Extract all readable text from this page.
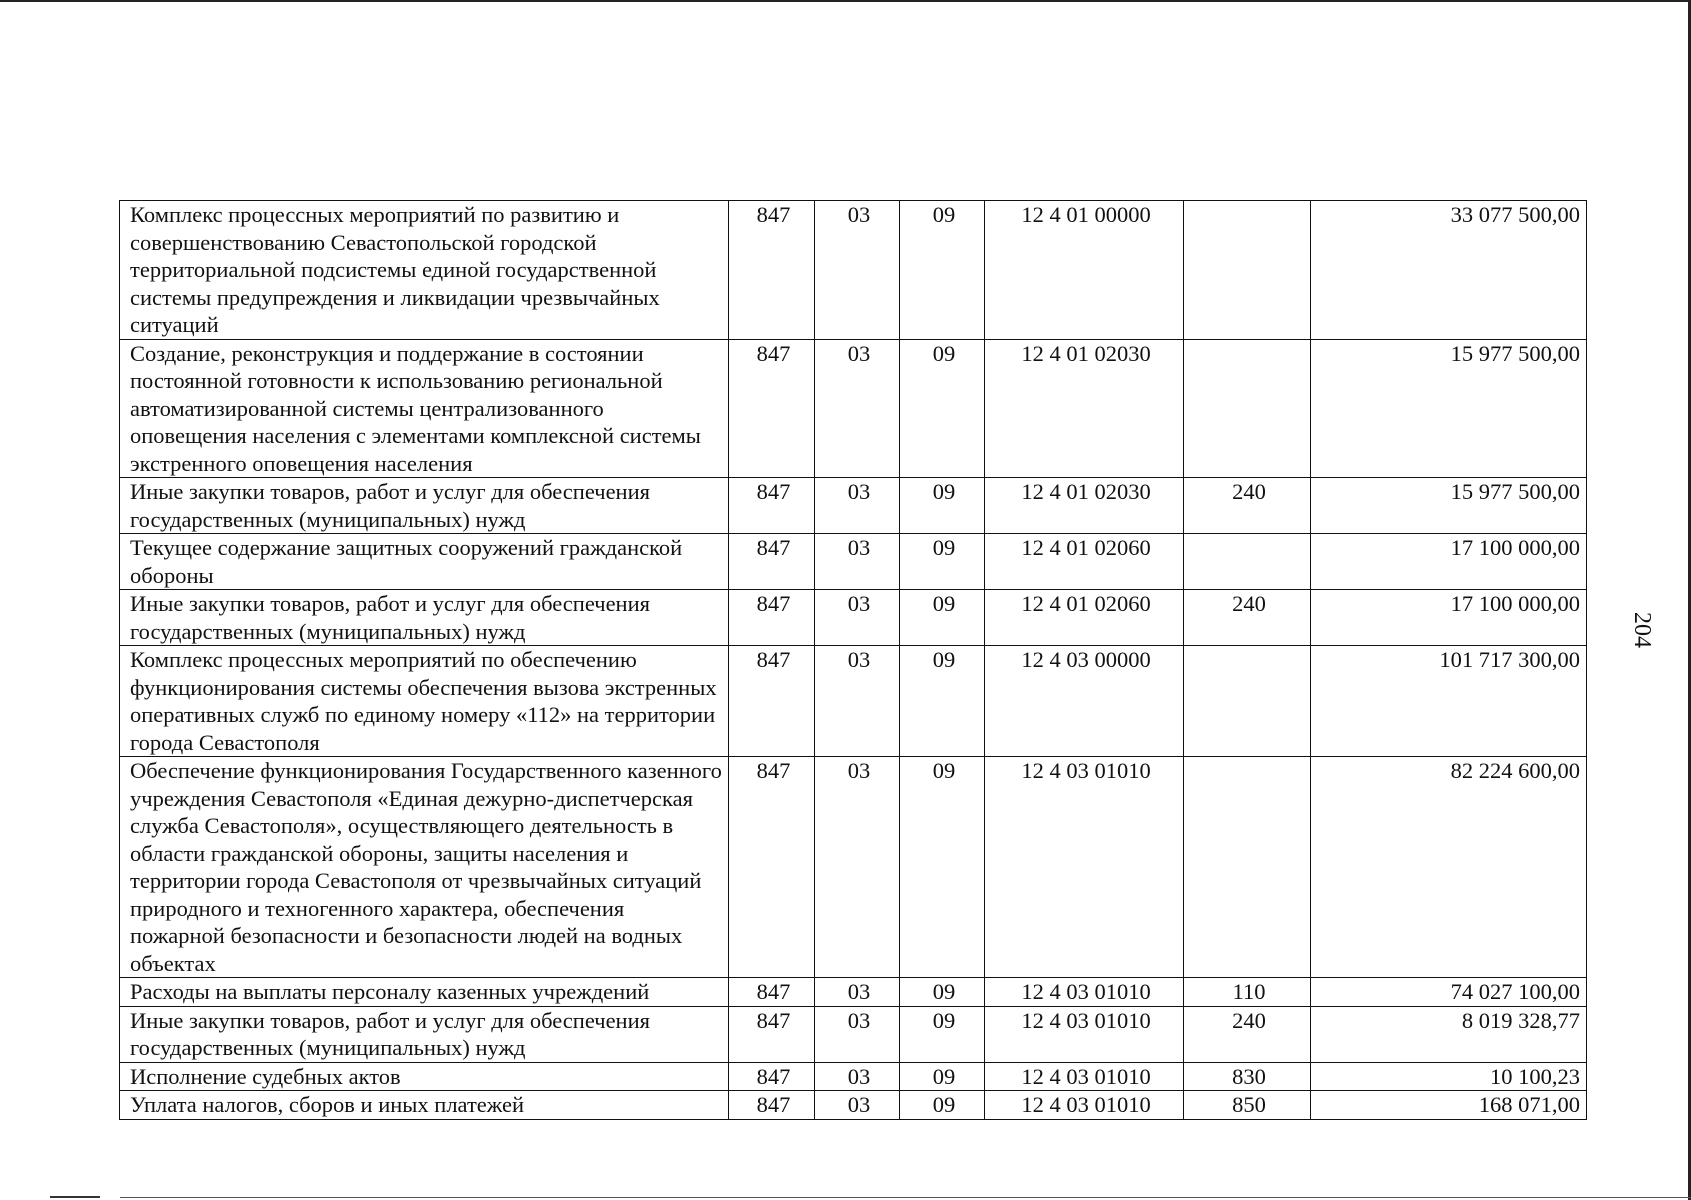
Комплекс процессных мероприятий по развитию и совершенствованию Севастопольской городской территориальной подсистемы единой государственной системы предупреждения и ликвидации чрезвычайных ситуаций	847	03	09	12 4 01 00000		33 077 500,00
Создание, реконструкция и поддержание в состоянии постоянной готовности к использованию региональной автоматизированной системы централизованного оповещения населения с элементами комплексной системы экстренного оповещения населения	847	03	09	12 4 01 02030		15 977 500,00
Иные закупки товаров, работ и услуг для обеспечения государственных (муниципальных) нужд	847	03	09	12 4 01 02030	240	15 977 500,00
Текущее содержание защитных сооружений гражданской обороны	847	03	09	12 4 01 02060		17 100 000,00
Иные закупки товаров, работ и услуг для обеспечения государственных (муниципальных) нужд	847	03	09	12 4 01 02060	240	17 100 000,00
Комплекс процессных мероприятий по обеспечению функционирования системы обеспечения вызова экстренных оперативных служб по единому номеру «112» на территории города Севастополя	847	03	09	12 4 03 00000		101 717 300,00
Обеспечение функционирования Государственного казенного учреждения Севастополя «Единая дежурно-диспетчерская служба Севастополя», осуществляющего деятельность в области гражданской обороны, защиты населения и территории города Севастополя от чрезвычайных ситуаций природного и техногенного характера, обеспечения пожарной безопасности и безопасности людей на водных объектах	847	03	09	12 4 03 01010		82 224 600,00
Расходы на выплаты персоналу казенных учреждений	847	03	09	12 4 03 01010	110	74 027 100,00
Иные закупки товаров, работ и услуг для обеспечения государственных (муниципальных) нужд	847	03	09	12 4 03 01010	240	8 019 328,77
Исполнение судебных актов	847	03	09	12 4 03 01010	830	10 100,23
Уплата налогов, сборов и иных платежей	847	03	09	12 4 03 01010	850	168 071,00
204
